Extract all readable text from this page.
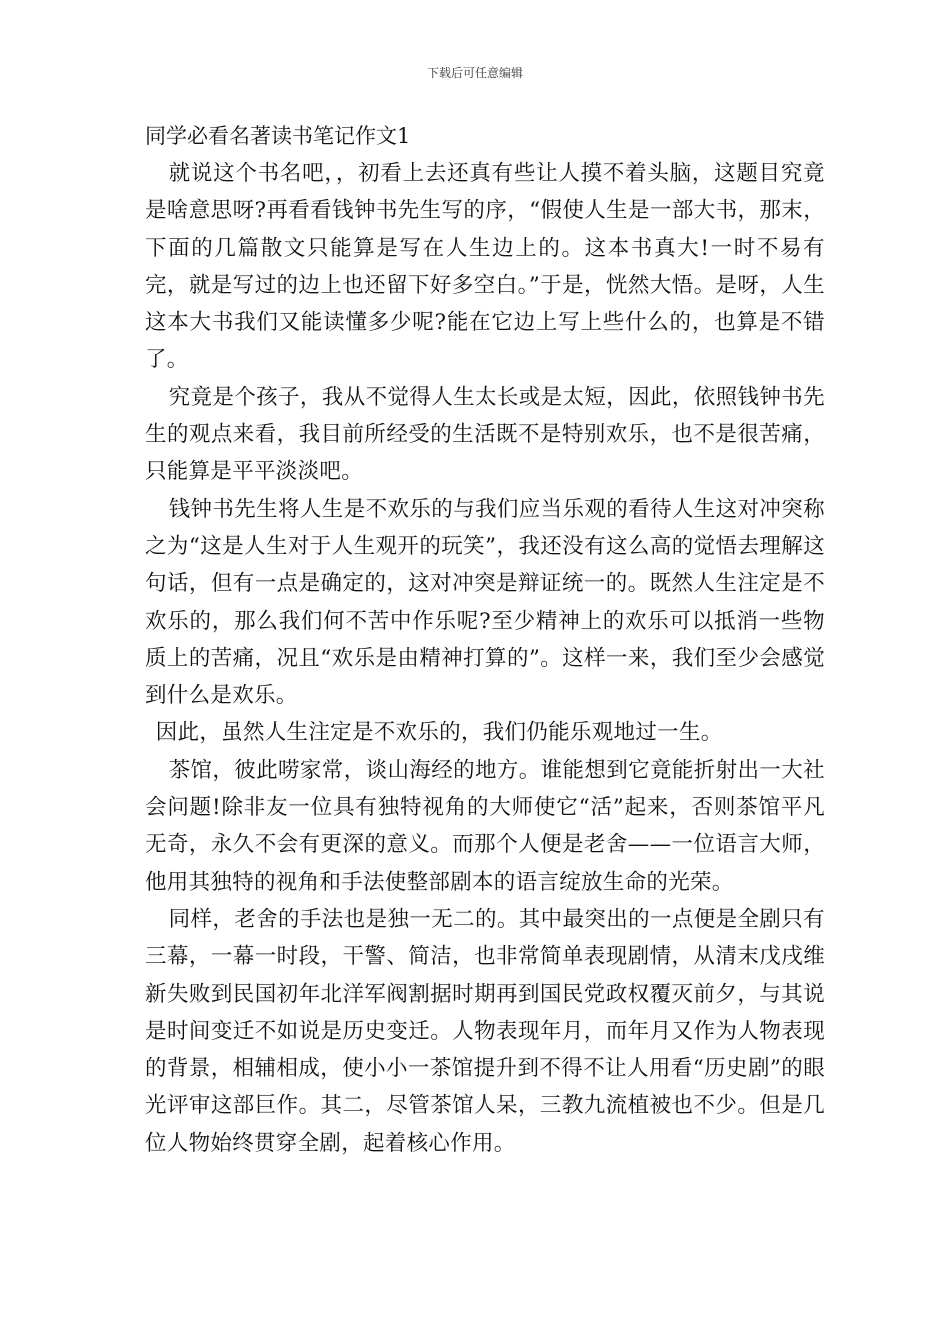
下载后可任意编辑
同学必看名著读书笔记作文1

就说这个书名吧，，初看上去还真有些让人摸不着头脑，这题目究竟是啥意思呀?再看看钱钟书先生写的序，“假使人生是一部大书，那末，下面的几篇散文只能算是写在人生边上的。这本书真大!一时不易有完，就是写过的边上也还留下好多空白。”于是，恍然大悟。是呀，人生这本大书我们又能读懂多少呢?能在它边上写上些什么的，也算是不错了。

究竟是个孩子，我从不觉得人生太长或是太短，因此，依照钱钟书先生的观点来看，我目前所经受的生活既不是特别欢乐，也不是很苦痛，只能算是平平淡淡吧。

钱钟书先生将人生是不欢乐的与我们应当乐观的看待人生这对冲突称之为“这是人生对于人生观开的玩笑”，我还没有这么高的觉悟去理解这句话，但有一点是确定的，这对冲突是辩证统一的。既然人生注定是不欢乐的，那么我们何不苦中作乐呢?至少精神上的欢乐可以抵消一些物质上的苦痛，况且“欢乐是由精神打算的”。这样一来，我们至少会感觉到什么是欢乐。

因此，虽然人生注定是不欢乐的，我们仍能乐观地过一生。

茶馆，彼此唠家常，谈山海经的地方。谁能想到它竟能折射出一大社会问题!除非友一位具有独特视角的大师使它“活”起来，否则茶馆平凡无奇，永久不会有更深的意义。而那个人便是老舍——一位语言大师，他用其独特的视角和手法使整部剧本的语言绽放生命的光荣。

同样，老舍的手法也是独一无二的。其中最突出的一点便是全剧只有三幕，一幕一时段，干警、简洁，也非常简单表现剧情，从清末戊戌维新失败到民国初年北洋军阀割据时期再到国民党政权覆灭前夕，与其说是时间变迁不如说是历史变迁。人物表现年月，而年月又作为人物表现的背景，相辅相成，使小小一茶馆提升到不得不让人用看“历史剧”的眼光评审这部巨作。其二，尽管茶馆人呆，三教九流植被也不少。但是几位人物始终贯穿全剧，起着核心作用。
